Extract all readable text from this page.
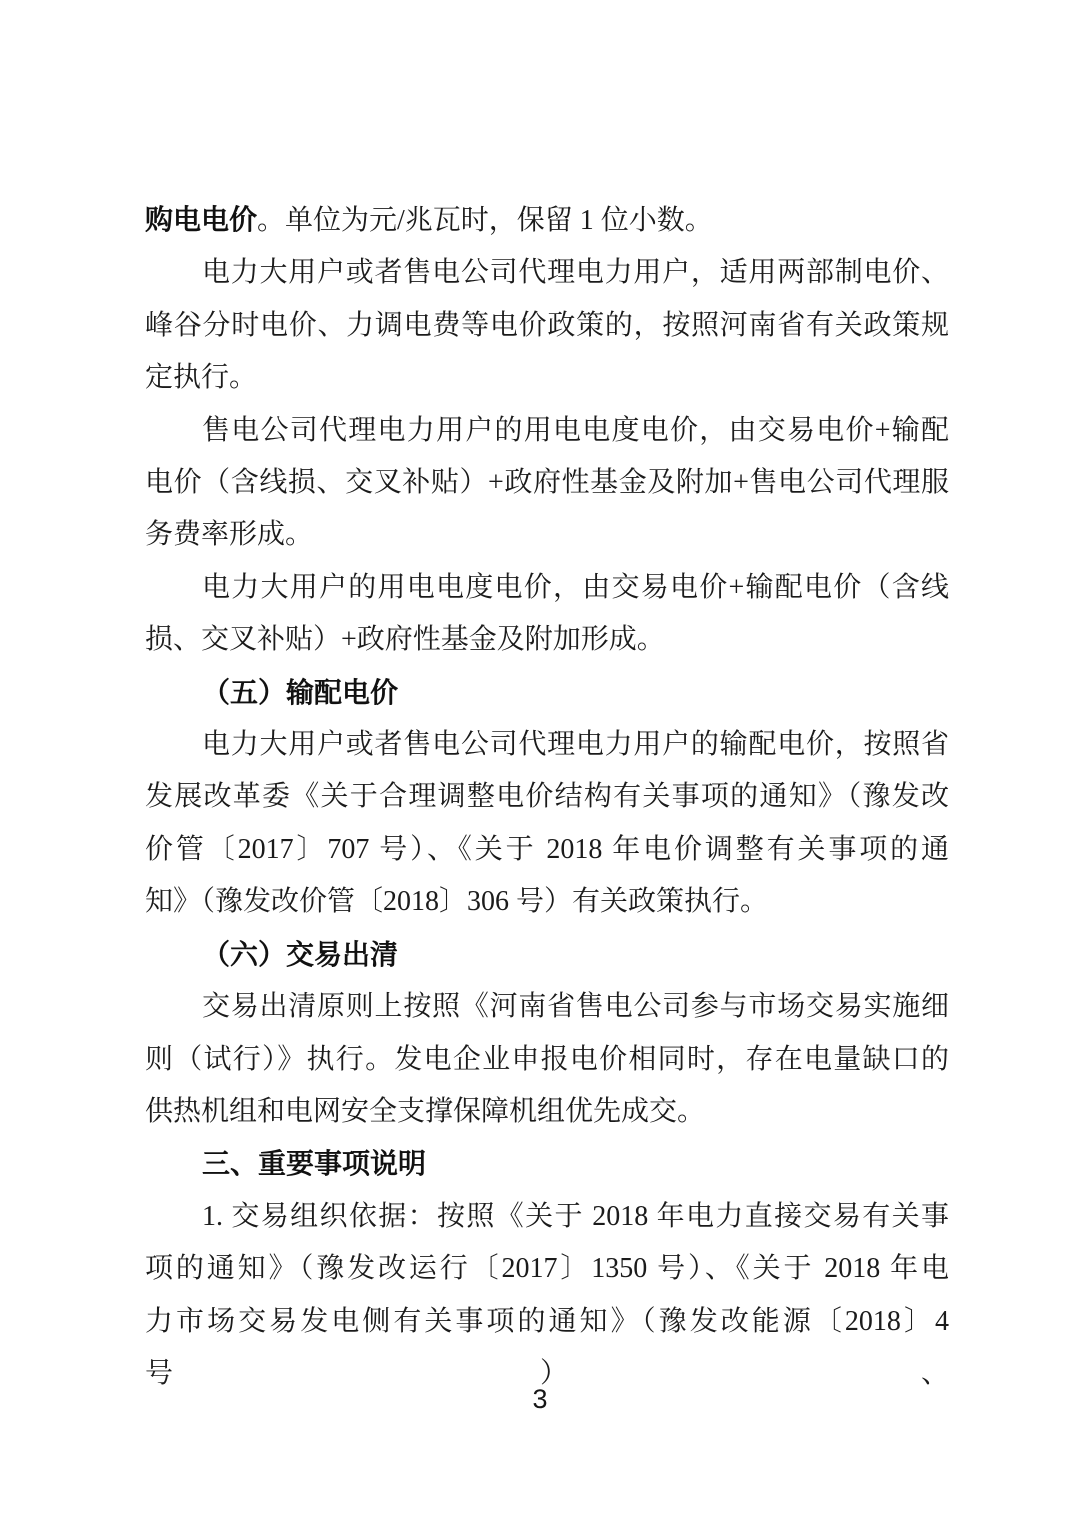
购电电价。单位为元/兆瓦时，保留 1 位小数。
电力大用户或者售电公司代理电力用户，适用两部制电价、
峰谷分时电价、力调电费等电价政策的，按照河南省有关政策规
定执行。
售电公司代理电力用户的用电电度电价，由交易电价+输配
电价（含线损、交叉补贴）+政府性基金及附加+售电公司代理服
务费率形成。
电力大用户的用电电度电价，由交易电价+输配电价（含线
损、交叉补贴）+政府性基金及附加形成。
（五）输配电价
电力大用户或者售电公司代理电力用户的输配电价，按照省
发展改革委《关于合理调整电价结构有关事项的通知》（豫发改
价管〔2017〕707 号）、《关于 2018 年电价调整有关事项的通
知》（豫发改价管〔2018〕306 号）有关政策执行。
（六）交易出清
交易出清原则上按照《河南省售电公司参与市场交易实施细
则（试行）》执行。发电企业申报电价相同时，存在电量缺口的
供热机组和电网安全支撑保障机组优先成交。
三、重要事项说明
1. 交易组织依据：按照《关于 2018 年电力直接交易有关事
项的通知》（豫发改运行〔2017〕1350 号）、《关于 2018 年电
力市场交易发电侧有关事项的通知》（豫发改能源〔2018〕4 号）、
3
